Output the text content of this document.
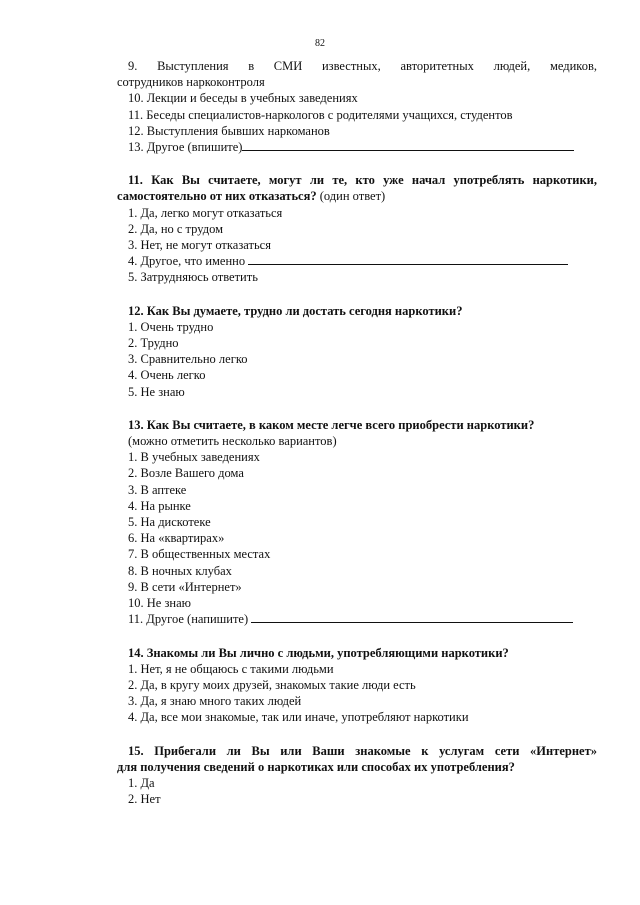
82
9. Выступления в СМИ известных, авторитетных людей, медиков,
сотрудников наркоконтроля
10. Лекции и беседы в учебных заведениях
11. Беседы специалистов-наркологов с родителями учащихся, студентов
12. Выступления бывших наркоманов
13. Другое (впишите)
11. Как Вы считаете, могут ли те, кто уже начал употреблять наркотики,
самостоятельно от них отказаться? (один ответ)
1. Да, легко могут отказаться
2. Да, но с трудом
3. Нет, не могут отказаться
4. Другое, что именно
5. Затрудняюсь ответить
12. Как Вы думаете, трудно ли достать сегодня наркотики?
1. Очень трудно
2. Трудно
3. Сравнительно легко
4. Очень легко
5. Не знаю
13. Как Вы считаете, в каком месте легче всего приобрести наркотики?
(можно отметить несколько вариантов)
1. В учебных заведениях
2. Возле Вашего дома
3. В аптеке
4. На рынке
5. На дискотеке
6. На «квартирах»
7. В общественных местах
8. В ночных клубах
9. В сети «Интернет»
10. Не знаю
11. Другое (напишите)
14. Знакомы ли Вы лично с людьми, употребляющими наркотики?
1. Нет, я не общаюсь с такими людьми
2. Да, в кругу моих друзей, знакомых такие люди есть
3. Да, я знаю много таких людей
4. Да, все мои знакомые, так или иначе, употребляют наркотики
15. Прибегали ли Вы или Ваши знакомые к услугам сети «Интернет»
для получения сведений о наркотиках или способах их употребления?
1. Да
2. Нет
